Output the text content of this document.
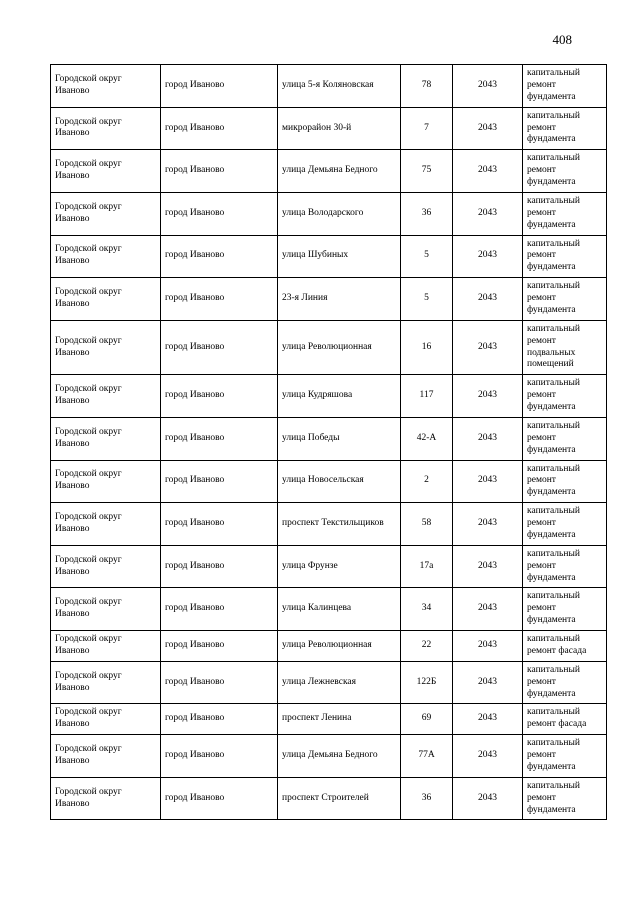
408
Городской округ Иваново	город Иваново	улица 5-я Коляновская	78	2043	капитальный ремонт фундамента
Городской округ Иваново	город Иваново	микрорайон 30-й	7	2043	капитальный ремонт фундамента
Городской округ Иваново	город Иваново	улица Демьяна Бедного	75	2043	капитальный ремонт фундамента
Городской округ Иваново	город Иваново	улица Володарского	36	2043	капитальный ремонт фундамента
Городской округ Иваново	город Иваново	улица Шубиных	5	2043	капитальный ремонт фундамента
Городской округ Иваново	город Иваново	23-я Линия	5	2043	капитальный ремонт фундамента
Городской округ Иваново	город Иваново	улица Революционная	16	2043	капитальный ремонт подвальных помещений
Городской округ Иваново	город Иваново	улица Кудряшова	117	2043	капитальный ремонт фундамента
Городской округ Иваново	город Иваново	улица Победы	42-А	2043	капитальный ремонт фундамента
Городской округ Иваново	город Иваново	улица Новосельская	2	2043	капитальный ремонт фундамента
Городской округ Иваново	город Иваново	проспект Текстильщиков	58	2043	капитальный ремонт фундамента
Городской округ Иваново	город Иваново	улица Фрунзе	17а	2043	капитальный ремонт фундамента
Городской округ Иваново	город Иваново	улица Калинцева	34	2043	капитальный ремонт фундамента
Городской округ Иваново	город Иваново	улица Революционная	22	2043	капитальный ремонт фасада
Городской округ Иваново	город Иваново	улица Лежневская	122Б	2043	капитальный ремонт фундамента
Городской округ Иваново	город Иваново	проспект Ленина	69	2043	капитальный ремонт фасада
Городской округ Иваново	город Иваново	улица Демьяна Бедного	77А	2043	капитальный ремонт фундамента
Городской округ Иваново	город Иваново	проспект Строителей	36	2043	капитальный ремонт фундамента
